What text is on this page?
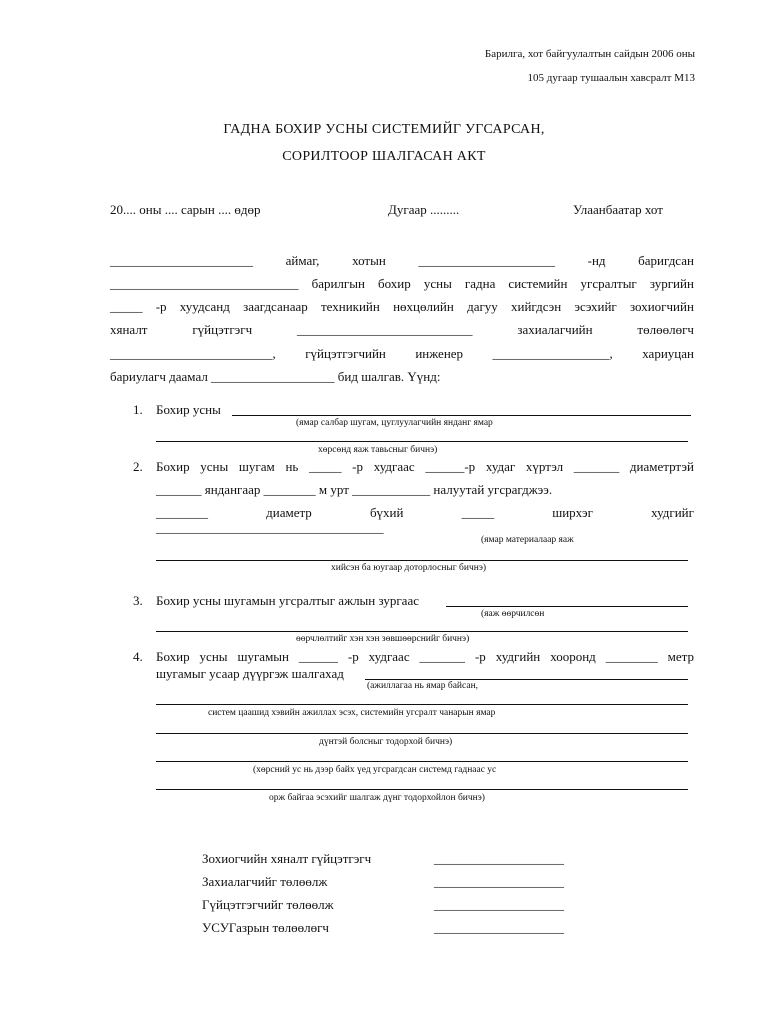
Барилга, хот байгуулалтын сайдын 2006 оны
105 дугаар тушаалын хавсралт М13
ГАДНА БОХИР УСНЫ СИСТЕМИЙГ УГСАРСАН,
СОРИЛТООР ШАЛГАСАН АКТ
20.... оны .... сарын .... өдөр	Дугаар .........	Улаанбаатар хот
______________________	аймаг,	хотын	_____________________	-нд	баригдсан
_____________________________ барилгын бохир усны гадна системийн угсралтыг зургийн
_____ -р хуудсанд заагдсанаар техникийн нөхцөлийн дагуу хийгдсэн эсэхийг зохиогчийн
хяналт	гүйцэтгэгч	___________________________	захиалагчийн	төлөөлөгч
_________________________, гүйцэтгэгчийн инженер __________________, хариуцан
бариулагч даамал ___________________ бид шалгав. Үүнд:
1. Бохир усны
(ямар салбар шугам, цуглуулагчийн янданг ямар
хөрсөнд яаж тавьсныг бичнэ)
2. Бохир усны шугам нь _____ -р худгаас ______-р худаг хүртэл _______ диаметртэй
_______ яндангаар ________ м урт ____________ налуутай угсрагджээ.
________	диаметр	бүхий	_____	ширхэг	худгийг
___________________________________
(ямар материалаар яаж
хийсэн ба юугаар доторлосныг бичнэ)
3. Бохир усны шугамын угсралтыг ажлын зургаас
(яаж өөрчилсөн
өөрчлөлтийг хэн хэн зөвшөөрснийг бичнэ)
4. Бохир усны шугамын ______ -р худгаас _______ -р худгийн хооронд ________ метр
шугамыг усаар дүүргэж шалгахад
(ажиллагаа нь ямар байсан,
систем цаашид хэвийн ажиллах эсэх, системийн угсралт чанарын ямар
дүнтэй болсныг тодорхой бичнэ)
(хөрсний ус нь дээр байх үед угсрагдсан системд гаднаас ус
орж байгаа эсэхийг шалгаж дүнг тодорхойлон бичнэ)
Зохиогчийн хяналт гүйцэтгэгч	____________________
Захиалагчийг төлөөлж	____________________
Гүйцэтгэгчийг төлөөлж	____________________
УСУГазрын төлөөлөгч	____________________
